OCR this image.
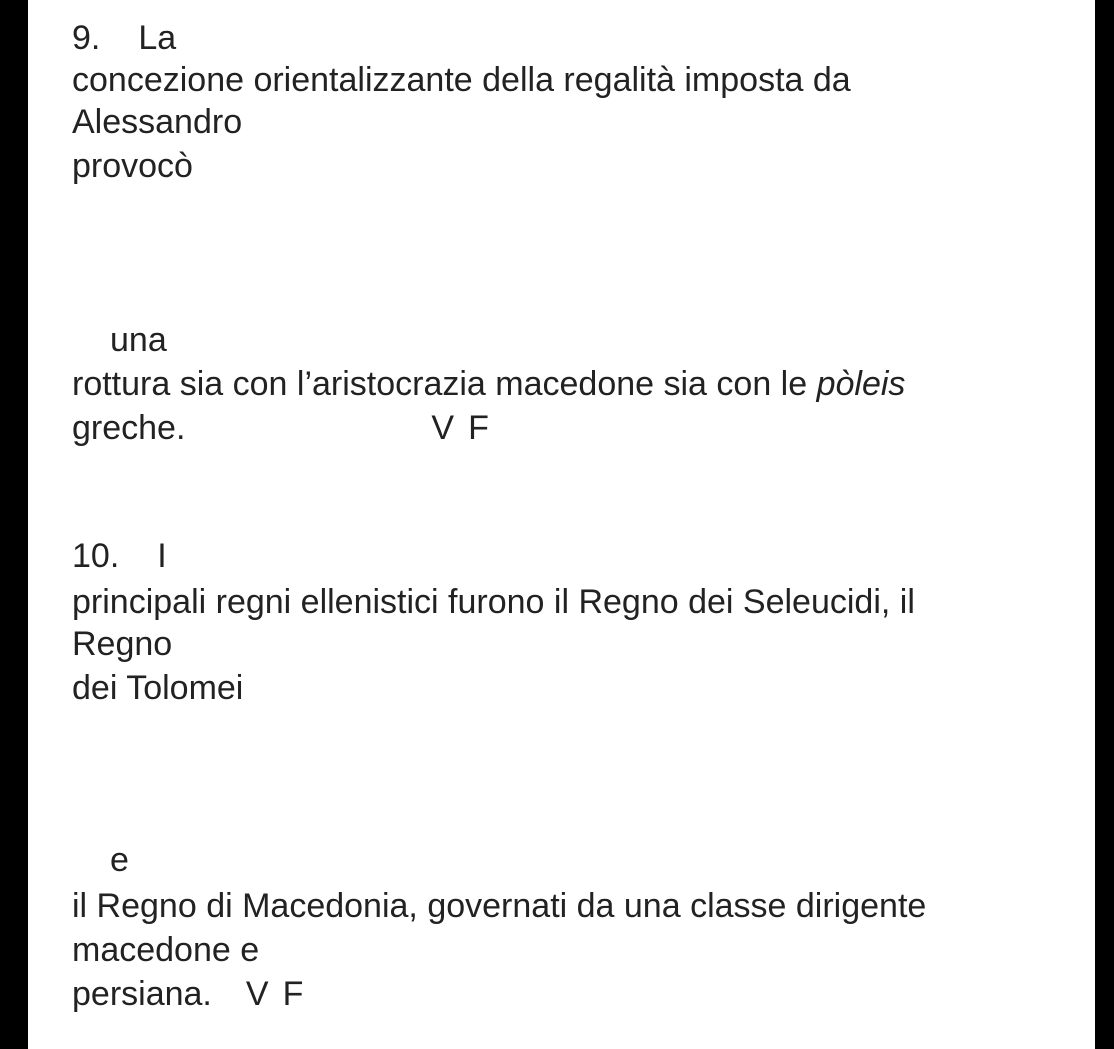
9. La

concezione orientalizzante della regalità imposta da

Alessandro

provocò

una

rottura sia con l’aristocrazia macedone sia con le pòleis

greche.	V F

10. I

principali regni ellenistici furono il Regno dei Seleucidi, il

Regno

dei Tolomei

e

il Regno di Macedonia, governati da una classe dirigente

macedone e

persiana. V F
